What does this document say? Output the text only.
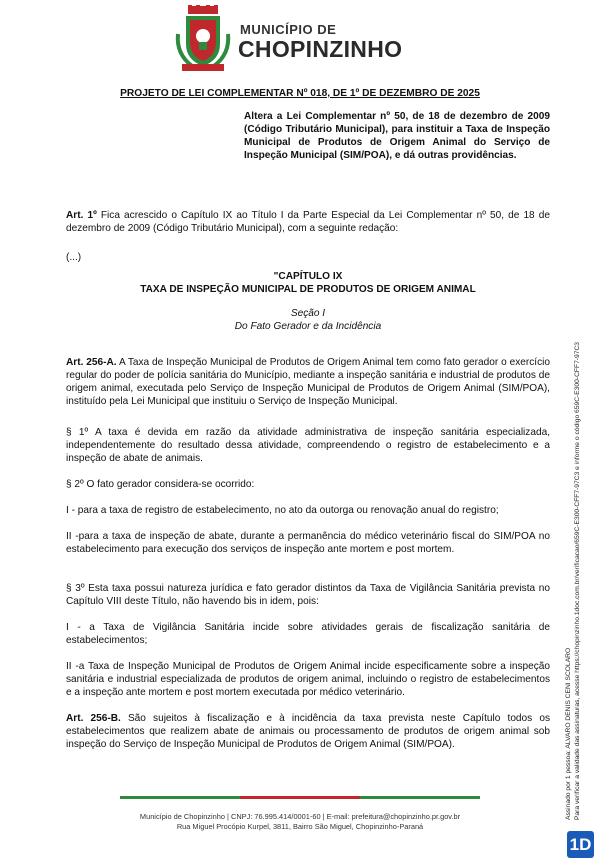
MUNICÍPIO DE
CHOPINZINHO
PROJETO DE LEI COMPLEMENTAR Nº 018, DE 1º DE DEZEMBRO DE 2025
Altera a Lei Complementar nº 50, de 18 de dezembro de 2009 (Código Tributário Municipal), para instituir a Taxa de Inspeção Municipal de Produtos de Origem Animal do Serviço de Inspeção Municipal (SIM/POA), e dá outras providências.
Art. 1º Fica acrescido o Capítulo IX ao Título I da Parte Especial da Lei Complementar nº 50, de 18 de dezembro de 2009 (Código Tributário Municipal), com a seguinte redação:
(...)
"CAPÍTULO IX
TAXA DE INSPEÇÃO MUNICIPAL DE PRODUTOS DE ORIGEM ANIMAL
Seção I
Do Fato Gerador e da Incidência
Art. 256-A. A Taxa de Inspeção Municipal de Produtos de Origem Animal tem como fato gerador o exercício regular do poder de polícia sanitária do Município, mediante a inspeção sanitária e industrial de produtos de origem animal, executada pelo Serviço de Inspeção Municipal de Produtos de Origem Animal (SIM/POA), instituído pela Lei Municipal que instituiu o Serviço de Inspeção Municipal.
§ 1º A taxa é devida em razão da atividade administrativa de inspeção sanitária especializada, independentemente do resultado dessa atividade, compreendendo o registro de estabelecimento e a inspeção de abate de animais.
§ 2º O fato gerador considera-se ocorrido:
I - para a taxa de registro de estabelecimento, no ato da outorga ou renovação anual do registro;
II -para a taxa de inspeção de abate, durante a permanência do médico veterinário fiscal do SIM/POA no estabelecimento para execução dos serviços de inspeção ante mortem e post mortem.
§ 3º Esta taxa possui natureza jurídica e fato gerador distintos da Taxa de Vigilância Sanitária prevista no Capítulo VIII deste Título, não havendo bis in idem, pois:
I - a Taxa de Vigilância Sanitária incide sobre atividades gerais de fiscalização sanitária de estabelecimentos;
II -a Taxa de Inspeção Municipal de Produtos de Origem Animal incide especificamente sobre a inspeção sanitária e industrial especializada de produtos de origem animal, incluindo o registro de estabelecimentos e a inspeção ante mortem e post mortem executada por médico veterinário.
Art. 256-B. São sujeitos à fiscalização e à incidência da taxa prevista neste Capítulo todos os estabelecimentos que realizem abate de animais ou processamento de produtos de origem animal sob inspeção do Serviço de Inspeção Municipal de Produtos de Origem Animal (SIM/POA).	Assinado por 1 pessoa: ALVARO DENIS CENI SCOLARO Para verificar a validade das assinaturas, acesse https://chopinzinho.1doc.com.br/verificacao/659C-E300-CFF7-97C3 e informe o código 659C-E300-CFF7-97C3
Município de Chopinzinho | CNPJ: 76.995.414/0001-60 | E-mail: prefeitura@chopinzinho.pr.gov.br
Rua Miguel Procópio Kurpel, 3811, Bairro São Miguel, Chopinzinho-Paraná
1D
